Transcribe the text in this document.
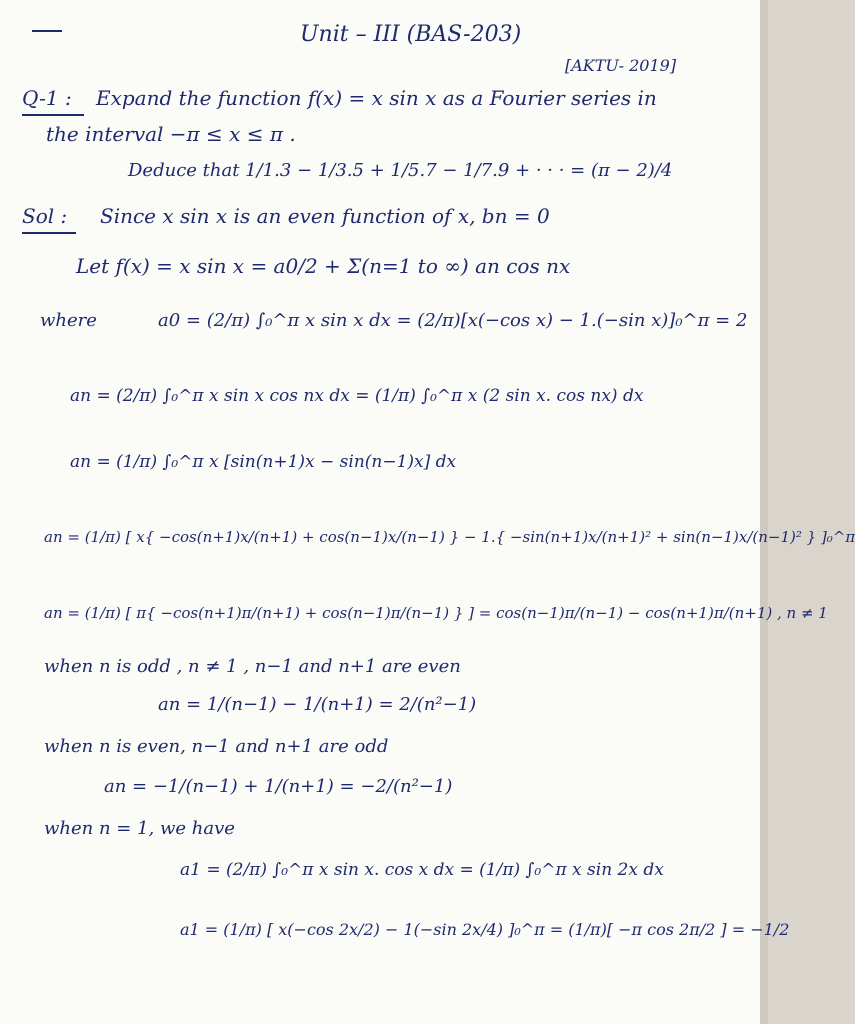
Unit – III (BAS-203)
[AKTU- 2019]
Q-1 : Expand the function f(x) = x sin x as a Fourier series in
the interval −π ≤ x ≤ π .
Deduce that 1/1.3 − 1/3.5 + 1/5.7 − 1/7.9 + · · · = (π − 2)/4
Sol : Since x sin x is an even function of x, bn = 0
Let f(x) = x sin x = a0/2 + Σ(n=1 to ∞) an cos nx
where	a0 = (2/π) ∫₀^π x sin x dx = (2/π)[x(−cos x) − 1.(−sin x)]₀^π = 2
an = (2/π) ∫₀^π x sin x cos nx dx = (1/π) ∫₀^π x (2 sin x. cos nx) dx
an = (1/π) ∫₀^π x [sin(n+1)x − sin(n−1)x] dx
an = (1/π) [ x{ −cos(n+1)x/(n+1) + cos(n−1)x/(n−1) } − 1.{ −sin(n+1)x/(n+1)² + sin(n−1)x/(n−1)² } ]₀^π
an = (1/π) [ π{ −cos(n+1)π/(n+1) + cos(n−1)π/(n−1) } ] = cos(n−1)π/(n−1) − cos(n+1)π/(n+1) , n ≠ 1
when n is odd , n ≠ 1 , n−1 and n+1 are even
an = 1/(n−1) − 1/(n+1) = 2/(n²−1)
when n is even, n−1 and n+1 are odd
an = −1/(n−1) + 1/(n+1) = −2/(n²−1)
when n = 1, we have
a1 = (2/π) ∫₀^π x sin x. cos x dx = (1/π) ∫₀^π x sin 2x dx
a1 = (1/π) [ x(−cos 2x/2) − 1(−sin 2x/4) ]₀^π = (1/π)[ −π cos 2π/2 ] = −1/2
